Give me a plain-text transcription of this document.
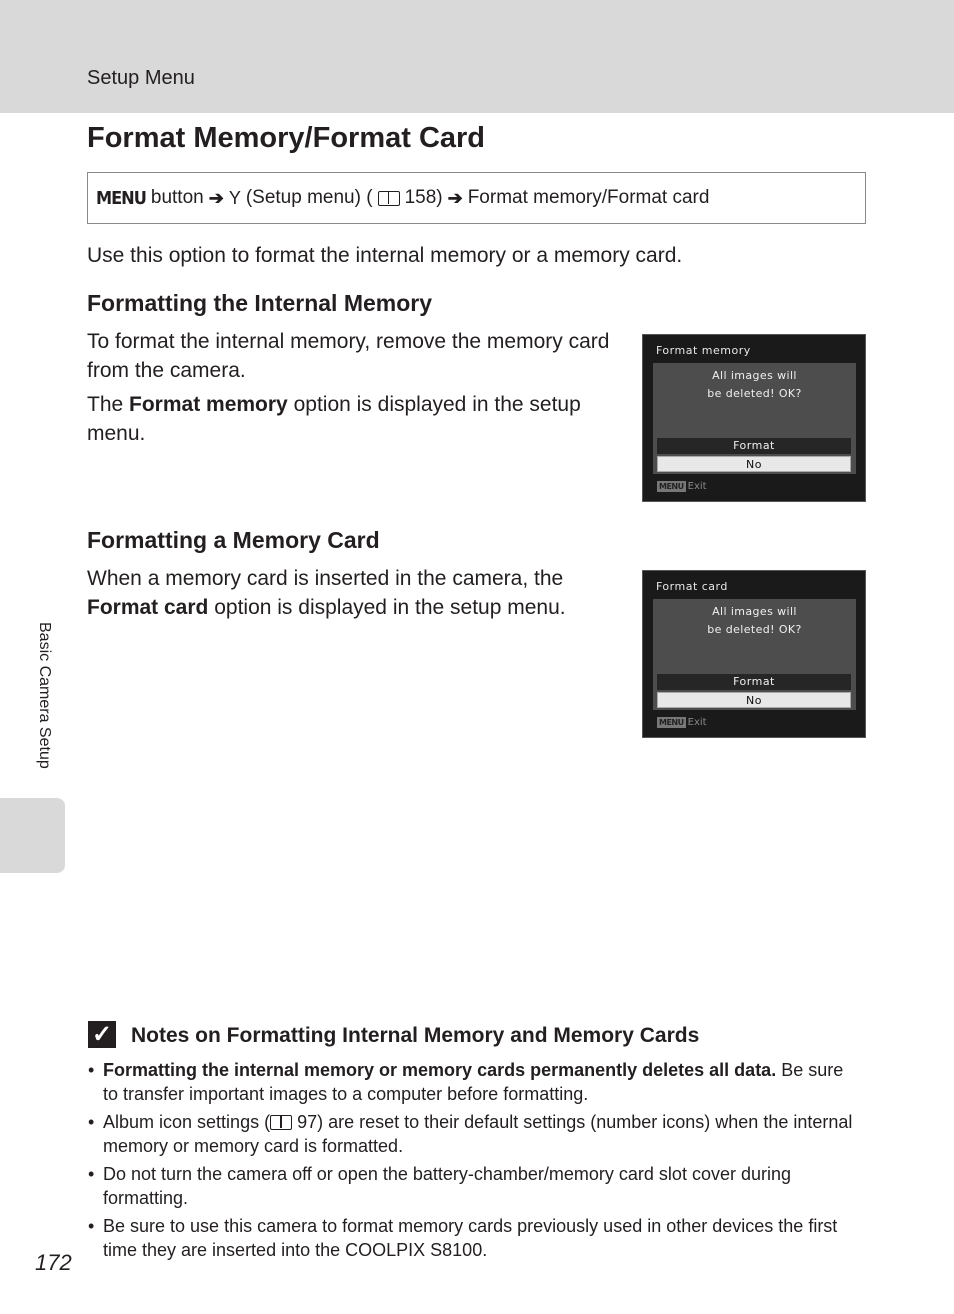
Setup Menu
Format Memory/Format Card
MENU button ➔ Y (Setup menu) ( 158) ➔ Format memory/Format card

Use this option to format the internal memory or a memory card.

Formatting the Internal Memory

To format the internal memory, remove the memory card from the camera.

The Format memory option is displayed in the setup menu.

Format memory
All images will
be deleted! OK?
Format
No
MENU Exit
Formatting a Memory Card

When a memory card is inserted in the camera, the Format card option is displayed in the setup menu.

Format card
All images will
be deleted! OK?
Format
No
MENU Exit
Basic Camera Setup
✓ Notes on Formatting Internal Memory and Memory Cards
• Formatting the internal memory or memory cards permanently deletes all data. Be sure to transfer important images to a computer before formatting.
• Album icon settings ( 97) are reset to their default settings (number icons) when the internal memory or memory card is formatted.
• Do not turn the camera off or open the battery-chamber/memory card slot cover during formatting.
• Be sure to use this camera to format memory cards previously used in other devices the first time they are inserted into the COOLPIX S8100.
172
